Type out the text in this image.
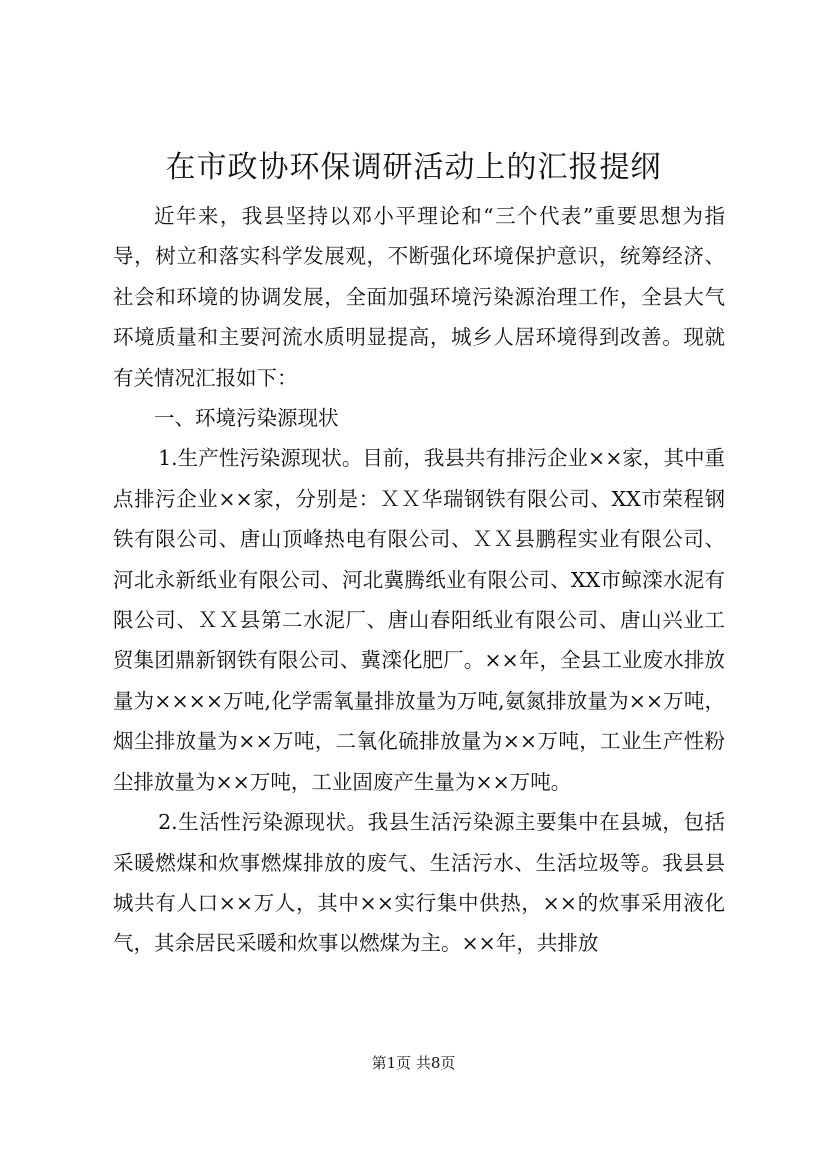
在市政协环保调研活动上的汇报提纲

近年来，我县坚持以邓小平理论和“三个代表”重要思想为指导，树立和落实科学发展观，不断强化环境保护意识，统筹经济、社会和环境的协调发展，全面加强环境污染源治理工作，全县大气环境质量和主要河流水质明显提高，城乡人居环境得到改善。现就有关情况汇报如下：

一、环境污染源现状

1.生产性污染源现状。目前，我县共有排污企业××家，其中重点排污企业××家，分别是：ＸＸ华瑞钢铁有限公司、XX市荣程钢铁有限公司、唐山顶峰热电有限公司、ＸＸ县鹏程实业有限公司、河北永新纸业有限公司、河北冀腾纸业有限公司、XX市鲸滦水泥有限公司、ＸＸ县第二水泥厂、唐山春阳纸业有限公司、唐山兴业工贸集团鼎新钢铁有限公司、冀滦化肥厂。××年，全县工业废水排放量为××××万吨,化学需氧量排放量为万吨,氨氮排放量为××万吨，烟尘排放量为××万吨，二氧化硫排放量为××万吨，工业生产性粉尘排放量为××万吨，工业固废产生量为××万吨。

2.生活性污染源现状。我县生活污染源主要集中在县城，包括采暖燃煤和炊事燃煤排放的废气、生活污水、生活垃圾等。我县县城共有人口××万人，其中××实行集中供热，××的炊事采用液化气，其余居民采暖和炊事以燃煤为主。××年，共排放

第1页 共8页
